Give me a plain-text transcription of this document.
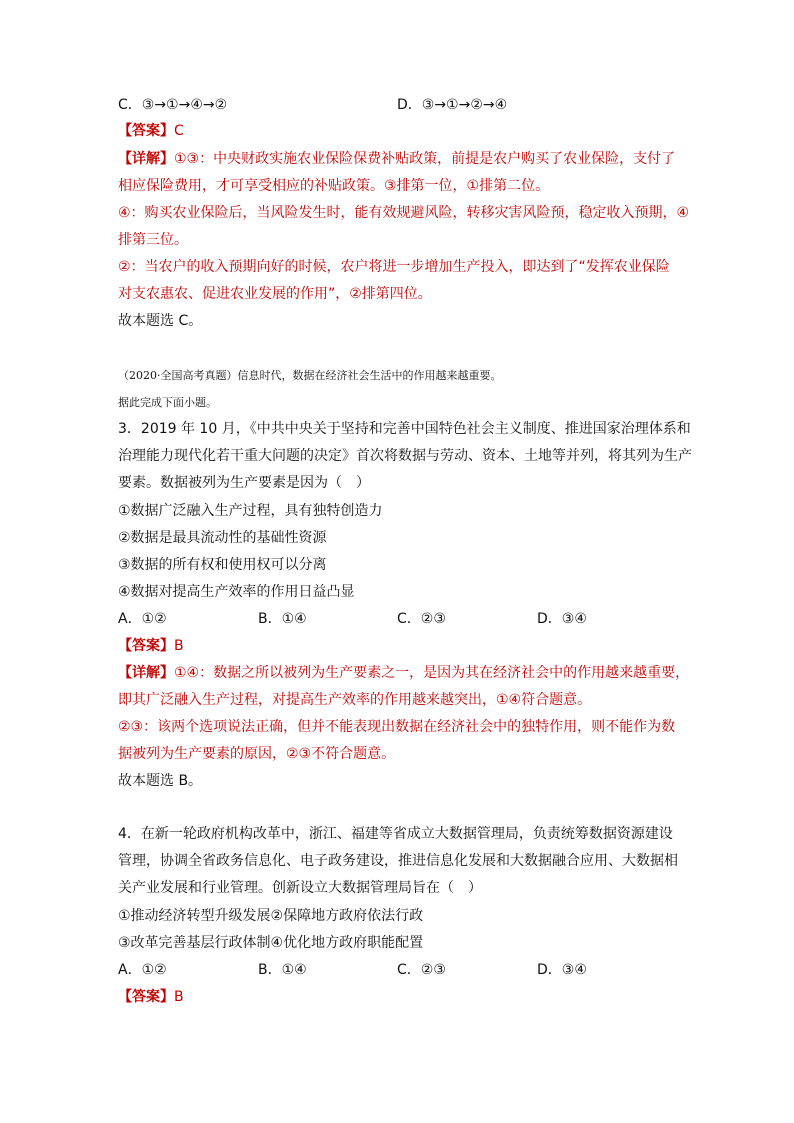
C．③→①→④→②	D．③→①→②→④
【答案】C
【详解】①③：中央财政实施农业保险保费补贴政策，前提是农户购买了农业保险，支付了
相应保险费用，才可享受相应的补贴政策。③排第一位，①排第二位。
④：购买农业保险后，当风险发生时，能有效规避风险，转移灾害风险预，稳定收入预期，④
排第三位。
②：当农户的收入预期向好的时候，农户将进一步增加生产投入，即达到了“发挥农业保险
对支农惠农、促进农业发展的作用”，②排第四位。
故本题选 C。
（2020·全国高考真题）信息时代，数据在经济社会生活中的作用越来越重要。
据此完成下面小题。
3．2019 年 10 月，《中共中央关于坚持和完善中国特色社会主义制度、推进国家治理体系和
治理能力现代化若干重大问题的决定》首次将数据与劳动、资本、土地等并列，将其列为生产
要素。数据被列为生产要素是因为（　）
①数据广泛融入生产过程，具有独特创造力
②数据是最具流动性的基础性资源
③数据的所有权和使用权可以分离
④数据对提高生产效率的作用日益凸显
A．①②	B．①④	C．②③	D．③④
【答案】B
【详解】①④：数据之所以被列为生产要素之一，是因为其在经济社会中的作用越来越重要，
即其广泛融入生产过程，对提高生产效率的作用越来越突出，①④符合题意。
②③：该两个选项说法正确，但并不能表现出数据在经济社会中的独特作用，则不能作为数
据被列为生产要素的原因，②③不符合题意。
故本题选 B。
4．在新一轮政府机构改革中，浙江、福建等省成立大数据管理局，负责统筹数据资源建设
管理，协调全省政务信息化、电子政务建设，推进信息化发展和大数据融合应用、大数据相
关产业发展和行业管理。创新设立大数据管理局旨在（　）
①推动经济转型升级发展②保障地方政府依法行政
③改革完善基层行政体制④优化地方政府职能配置
A．①②	B．①④	C．②③	D．③④
【答案】B
